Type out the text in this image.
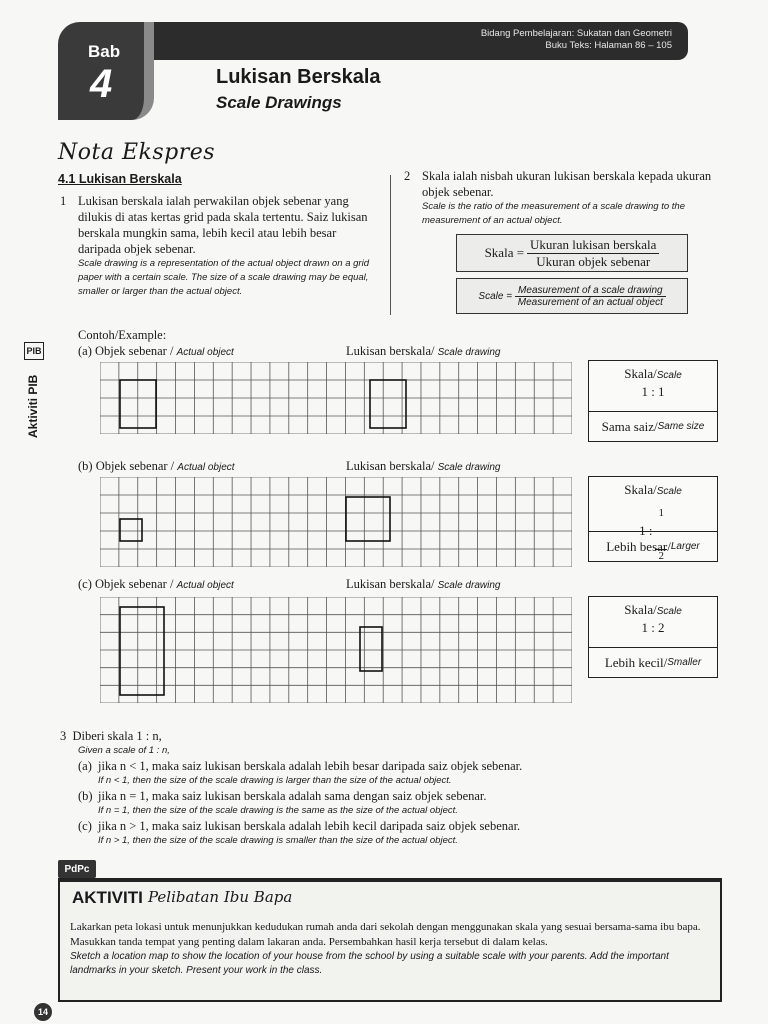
Bidang Pembelajaran: Sukatan dan Geometri
Buku Teks: Halaman 86 – 105
Bab
4	Lukisan Berskala
Scale Drawings
Nota Ekspres
4.1 Lukisan Berskala
1 Lukisan berskala ialah perwakilan objek sebenar yang dilukis di atas kertas grid pada skala tertentu. Saiz lukisan berskala mungkin sama, lebih kecil atau lebih besar daripada objek sebenar.
Scale drawing is a representation of the actual object drawn on a grid paper with a certain scale. The size of a scale drawing may be equal, smaller or larger than the actual object.
2 Skala ialah nisbah ukuran lukisan berskala kepada ukuran objek sebenar.
Scale is the ratio of the measurement of a scale drawing to the measurement of an actual object.
Skala = $\frac{\text{Ukuran lukisan berskala}}{\text{Ukuran objek sebenar}}$
Scale = $\frac{\text{Measurement of a scale drawing}}{\text{Measurement of an actual object}}$
PIB
Aktiviti PIB
Contoh/Example:
(a) Objek sebenar / Actual object	Lukisan berskala/ Scale drawing
(b) Objek sebenar / Actual object	Lukisan berskala/ Scale drawing
(c) Objek sebenar / Actual object	Lukisan berskala/ Scale drawing
Skala/Scale
1 : 1
Sama saiz/ Same size
Skala/Scale
1 : $\frac{1}{2}$
Lebih besar/ Larger
Skala/Scale
1 : 2
Lebih kecil/ Smaller
3 Diberi skala 1 : n,
Given a scale of 1 : n,
(a) jika n < 1, maka saiz lukisan berskala adalah lebih besar daripada saiz objek sebenar.
If n < 1, then the size of the scale drawing is larger than the size of the actual object.
(b) jika n = 1, maka saiz lukisan berskala adalah sama dengan saiz objek sebenar.
If n = 1, then the size of the scale drawing is the same as the size of the actual object.
(c) jika n > 1, maka saiz lukisan berskala adalah lebih kecil daripada saiz objek sebenar.
If n > 1, then the size of the scale drawing is smaller than the size of the actual object.
PdPc
AKTIVITI Pelibatan Ibu Bapa
Lakarkan peta lokasi untuk menunjukkan kedudukan rumah anda dari sekolah dengan menggunakan skala yang sesuai bersama-sama ibu bapa. Masukkan tanda tempat yang penting dalam lakaran anda. Persembahkan hasil kerja tersebut di dalam kelas.
Sketch a location map to show the location of your house from the school by using a suitable scale with your parents. Add the important landmarks in your sketch. Present your work in the class.
14
